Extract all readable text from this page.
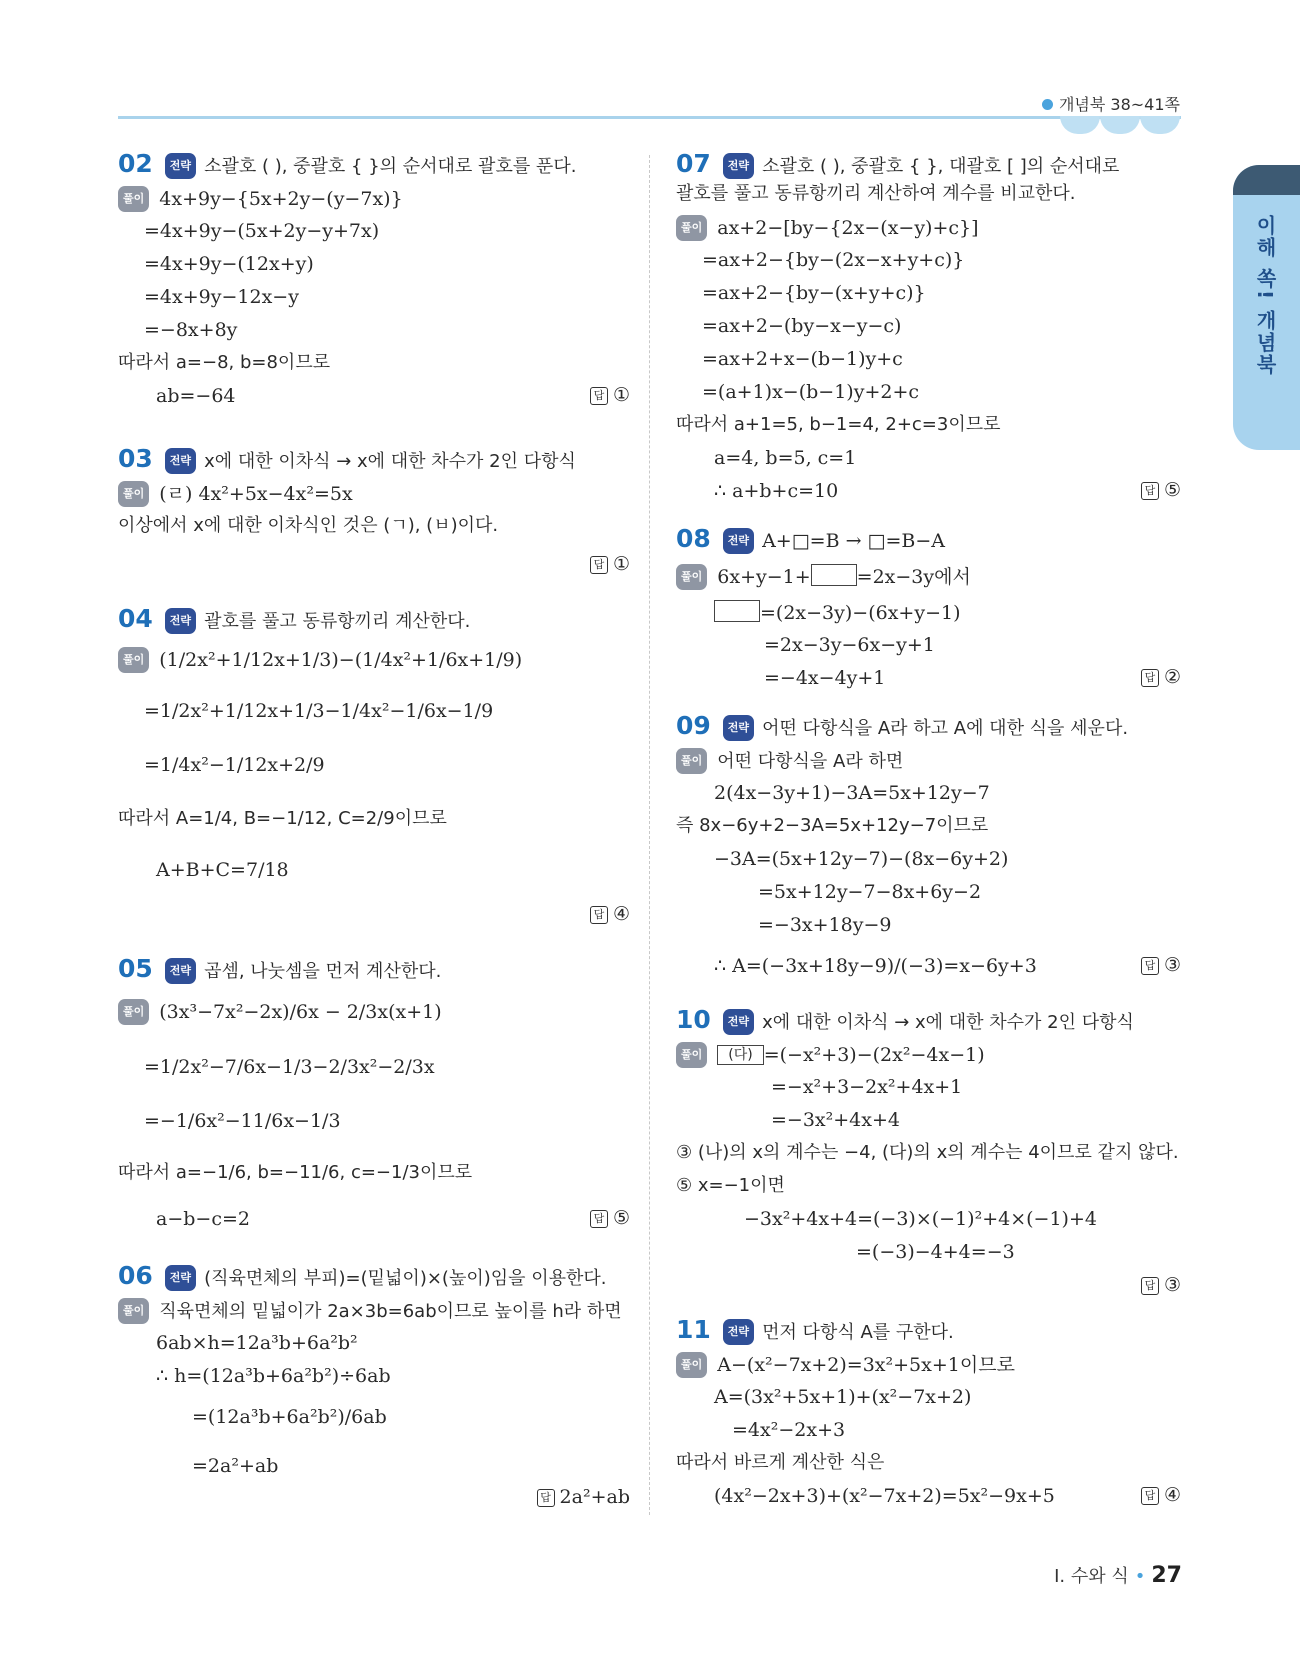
개념북 38~41쪽
02 전략 소괄호 ( ), 중괄호 { }의 순서대로 괄호를 푼다.
풀이 4x+9y−{5x+2y−(y−7x)}
=4x+9y−(5x+2y−y+7x)
=4x+9y−(12x+y)
=4x+9y−12x−y
=−8x+8y
따라서 a=−8, b=8이므로
ab=−64	답 ①
03 전략 x에 대한 이차식 → x에 대한 차수가 2인 다항식
풀이 (ㄹ) 4x²+5x−4x²=5x
이상에서 x에 대한 이차식인 것은 (ㄱ), (ㅂ)이다.
답 ①
04 전략 괄호를 풀고 동류항끼리 계산한다.
풀이 (1/2x²+1/12x+1/3)−(1/4x²+1/6x+1/9)
=1/2x²+1/12x+1/3−1/4x²−1/6x−1/9
=1/4x²−1/12x+2/9
따라서 A=1/4, B=−1/12, C=2/9이므로
A+B+C=7/18
답 ④
05 전략 곱셈, 나눗셈을 먼저 계산한다.
풀이 (3x³−7x²−2x)/6x − 2/3x(x+1)
=1/2x²−7/6x−1/3−2/3x²−2/3x
=−1/6x²−11/6x−1/3
따라서 a=−1/6, b=−11/6, c=−1/3이므로
a−b−c=2	답 ⑤
06 전략 (직육면체의 부피)=(밑넓이)×(높이)임을 이용한다.
풀이 직육면체의 밑넓이가 2a×3b=6ab이므로 높이를 h라 하면
6ab×h=12a³b+6a²b²
∴ h=(12a³b+6a²b²)÷6ab
=(12a³b+6a²b²)/6ab
=2a²+ab
답 2a²+ab
07 전략 소괄호 ( ), 중괄호 { }, 대괄호 [ ]의 순서대로
괄호를 풀고 동류항끼리 계산하여 계수를 비교한다.
풀이 ax+2−[by−{2x−(x−y)+c}]
=ax+2−{by−(2x−x+y+c)}
=ax+2−{by−(x+y+c)}
=ax+2−(by−x−y−c)
=ax+2+x−(b−1)y+c
=(a+1)x−(b−1)y+2+c
따라서 a+1=5, b−1=4, 2+c=3이므로
a=4, b=5, c=1
∴ a+b+c=10	답 ⑤
08 전략 A+□=B → □=B−A
풀이 6x+y−1+ =2x−3y에서
=(2x−3y)−(6x+y−1)
=2x−3y−6x−y+1
=−4x−4y+1	답 ②
09 전략 어떤 다항식을 A라 하고 A에 대한 식을 세운다.
풀이 어떤 다항식을 A라 하면
2(4x−3y+1)−3A=5x+12y−7
즉 8x−6y+2−3A=5x+12y−7이므로
−3A=(5x+12y−7)−(8x−6y+2)
=5x+12y−7−8x+6y−2
=−3x+18y−9
∴ A=(−3x+18y−9)/(−3)=x−6y+3	답 ③
10 전략 x에 대한 이차식 → x에 대한 차수가 2인 다항식
풀이 (다) =(−x²+3)−(2x²−4x−1)
=−x²+3−2x²+4x+1
=−3x²+4x+4
③ (나)의 x의 계수는 −4, (다)의 x의 계수는 4이므로 같지 않다.
⑤ x=−1이면
−3x²+4x+4=(−3)×(−1)²+4×(−1)+4
=(−3)−4+4=−3
답 ③
11 전략 먼저 다항식 A를 구한다.
풀이 A−(x²−7x+2)=3x²+5x+1이므로
A=(3x²+5x+1)+(x²−7x+2)
=4x²−2x+3
따라서 바르게 계산한 식은
(4x²−2x+3)+(x²−7x+2)=5x²−9x+5	답 ④
이해 쏙! 개념북
Ⅰ. 수와 식 • 27
